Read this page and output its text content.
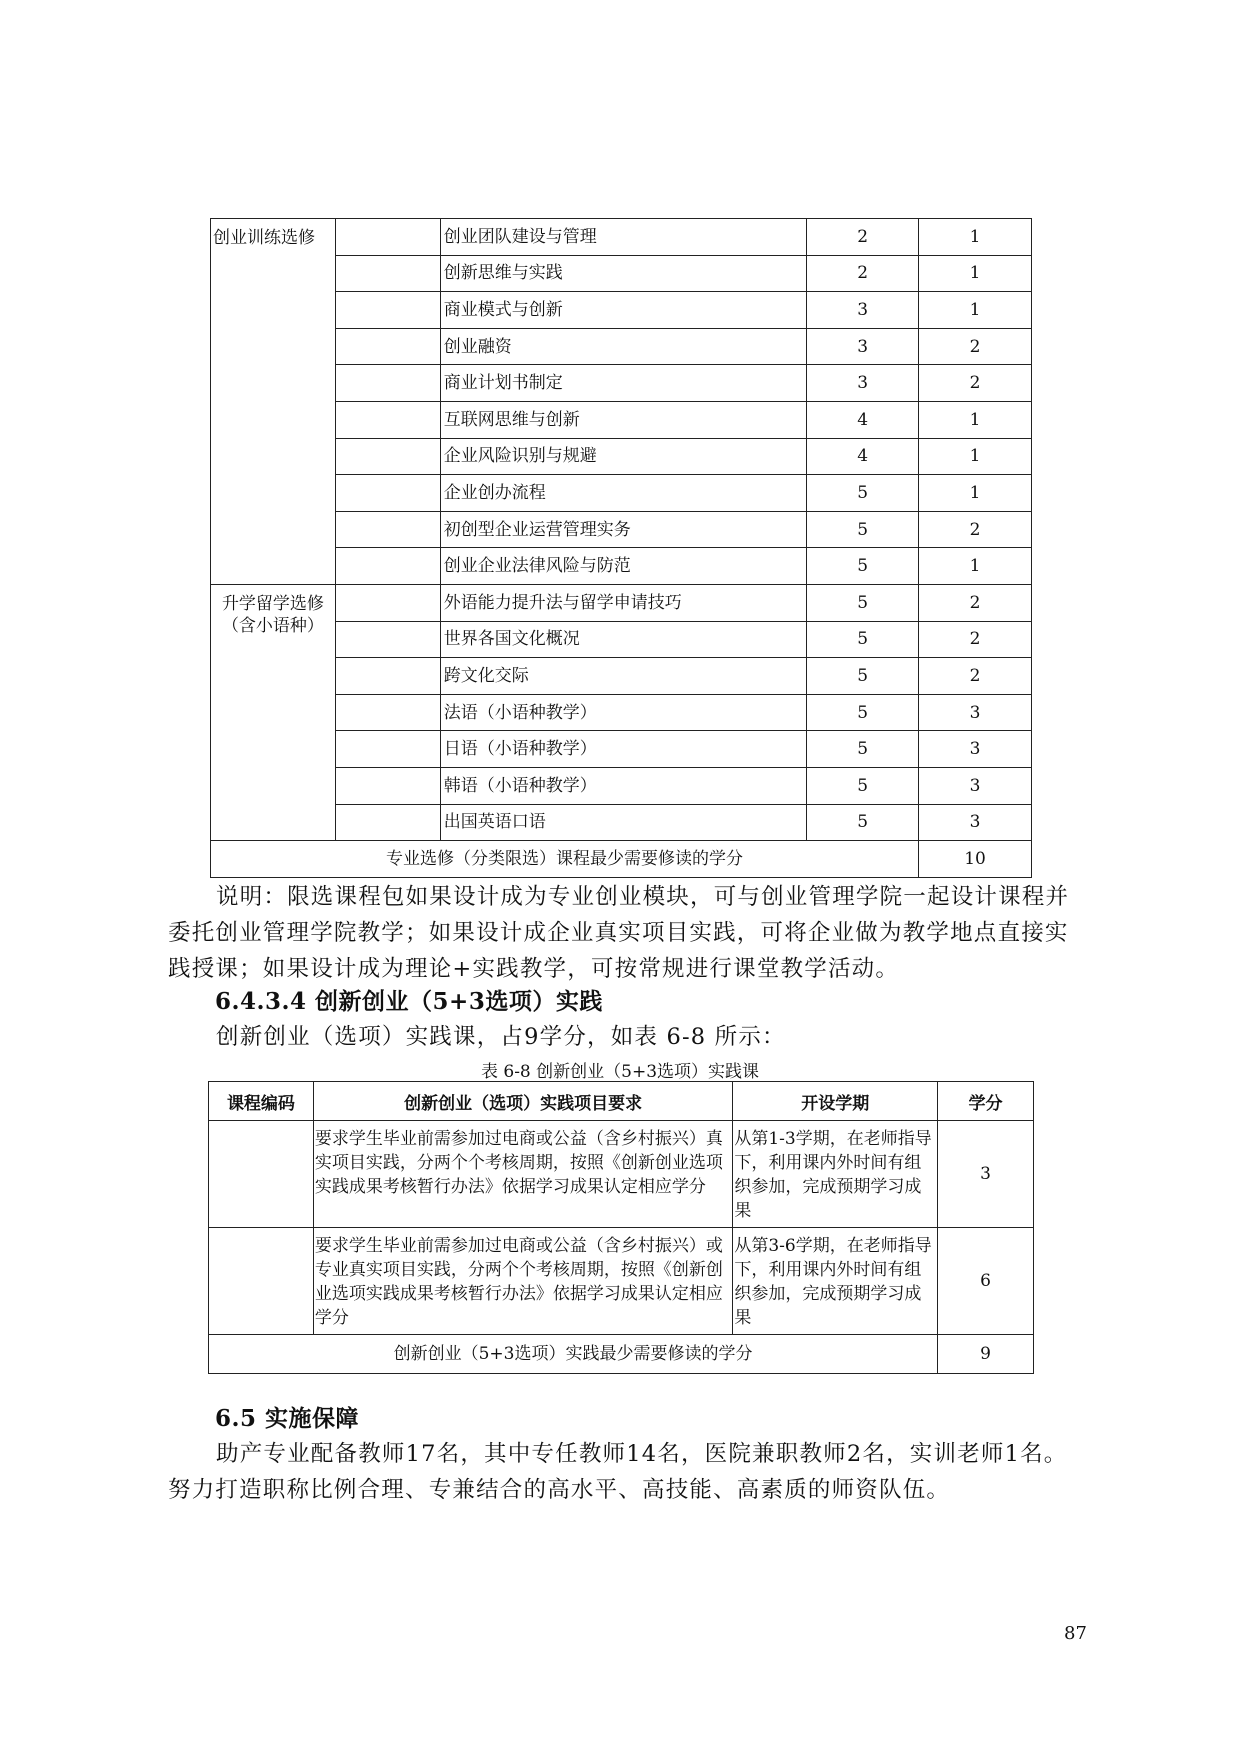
创业训练选修		创业团队建设与管理	2	1
		创新思维与实践	2	1
		商业模式与创新	3	1
		创业融资	3	2
		商业计划书制定	3	2
		互联网思维与创新	4	1
		企业风险识别与规避	4	1
		企业创办流程	5	1
		初创型企业运营管理实务	5	2
		创业企业法律风险与防范	5	1
升学留学选修
（含小语种）		外语能力提升法与留学申请技巧	5	2
		世界各国文化概况	5	2
		跨文化交际	5	2
		法语（小语种教学）	5	3
		日语（小语种教学）	5	3
		韩语（小语种教学）	5	3
		出国英语口语	5	3
专业选修（分类限选）课程最少需要修读的学分				10
说明：限选课程包如果设计成为专业创业模块，可与创业管理学院一起设计课程并委托创业管理学院教学；如果设计成企业真实项目实践，可将企业做为教学地点直接实践授课；如果设计成为理论+实践教学，可按常规进行课堂教学活动。
6.4.3.4 创新创业（5+3选项）实践
创新创业（选项）实践课，占9学分，如表 6-8 所示：
表 6-8 创新创业（5+3选项）实践课
课程编码	创新创业（选项）实践项目要求	开设学期	学分
	要求学生毕业前需参加过电商或公益（含乡村振兴）真实项目实践，分两个个考核周期，按照《创新创业选项实践成果考核暂行办法》依据学习成果认定相应学分	从第1-3学期，在老师指导下，利用课内外时间有组织参加，完成预期学习成果	3
	要求学生毕业前需参加过电商或公益（含乡村振兴）或专业真实项目实践，分两个个考核周期，按照《创新创业选项实践成果考核暂行办法》依据学习成果认定相应学分	从第3-6学期，在老师指导下，利用课内外时间有组织参加，完成预期学习成果	6
创新创业（5+3选项）实践最少需要修读的学分			9
6.5 实施保障
助产专业配备教师17名，其中专任教师14名，医院兼职教师2名，实训老师1名。努力打造职称比例合理、专兼结合的高水平、高技能、高素质的师资队伍。
87
